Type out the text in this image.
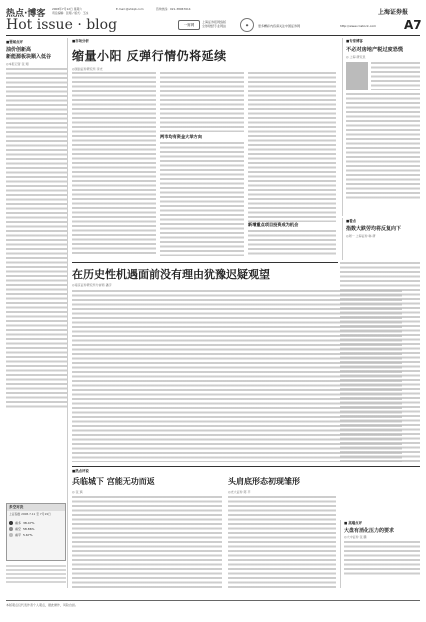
热点·博客 2008年7月12日 星期六
责任编辑：张翔 / 版式：王冰
E-mail:@shzqb.com	咨询热线：021-38967614
Hot issue · blog	一财网
上海证券报网络版
全球财经专业网站	◉	更多精彩内容请关注中国证券网
上海证券报
http://www.cnstock.com A7
■要闻点评
油价创新高
新能源板块顺入低谷
◎本报记者 张 翔
多空对决
上证指数 2008.7.11 至 7月19日
看多 38.47%
看空 58.86%
看平 5.67%
■市场分析
缩量小阳 反弹行情仍将延续
◎国信证券研究所 李光
两市均有资金大举方向
新增重点项目投资成为机会
■专家博客
不必对房地产税过度恐慌
◎ 上海 研究员
■看点
指数大跌劳均将反复向下
◎周一 上海证券 韩 研
在历史性机遇面前没有理由犹豫迟疑观望
◎南京证券研究所分析师 潘宇
■热点评说
兵临城下 宫能无功而返
◎ 张 璃
头肩底形态初现雏形
◎光大证券 陈 平
■ 高端点评
大盘有消化压力的要求
◎大中证券 张 鹏
本版观点仅代表作者个人观点，据此操作，风险自担。
